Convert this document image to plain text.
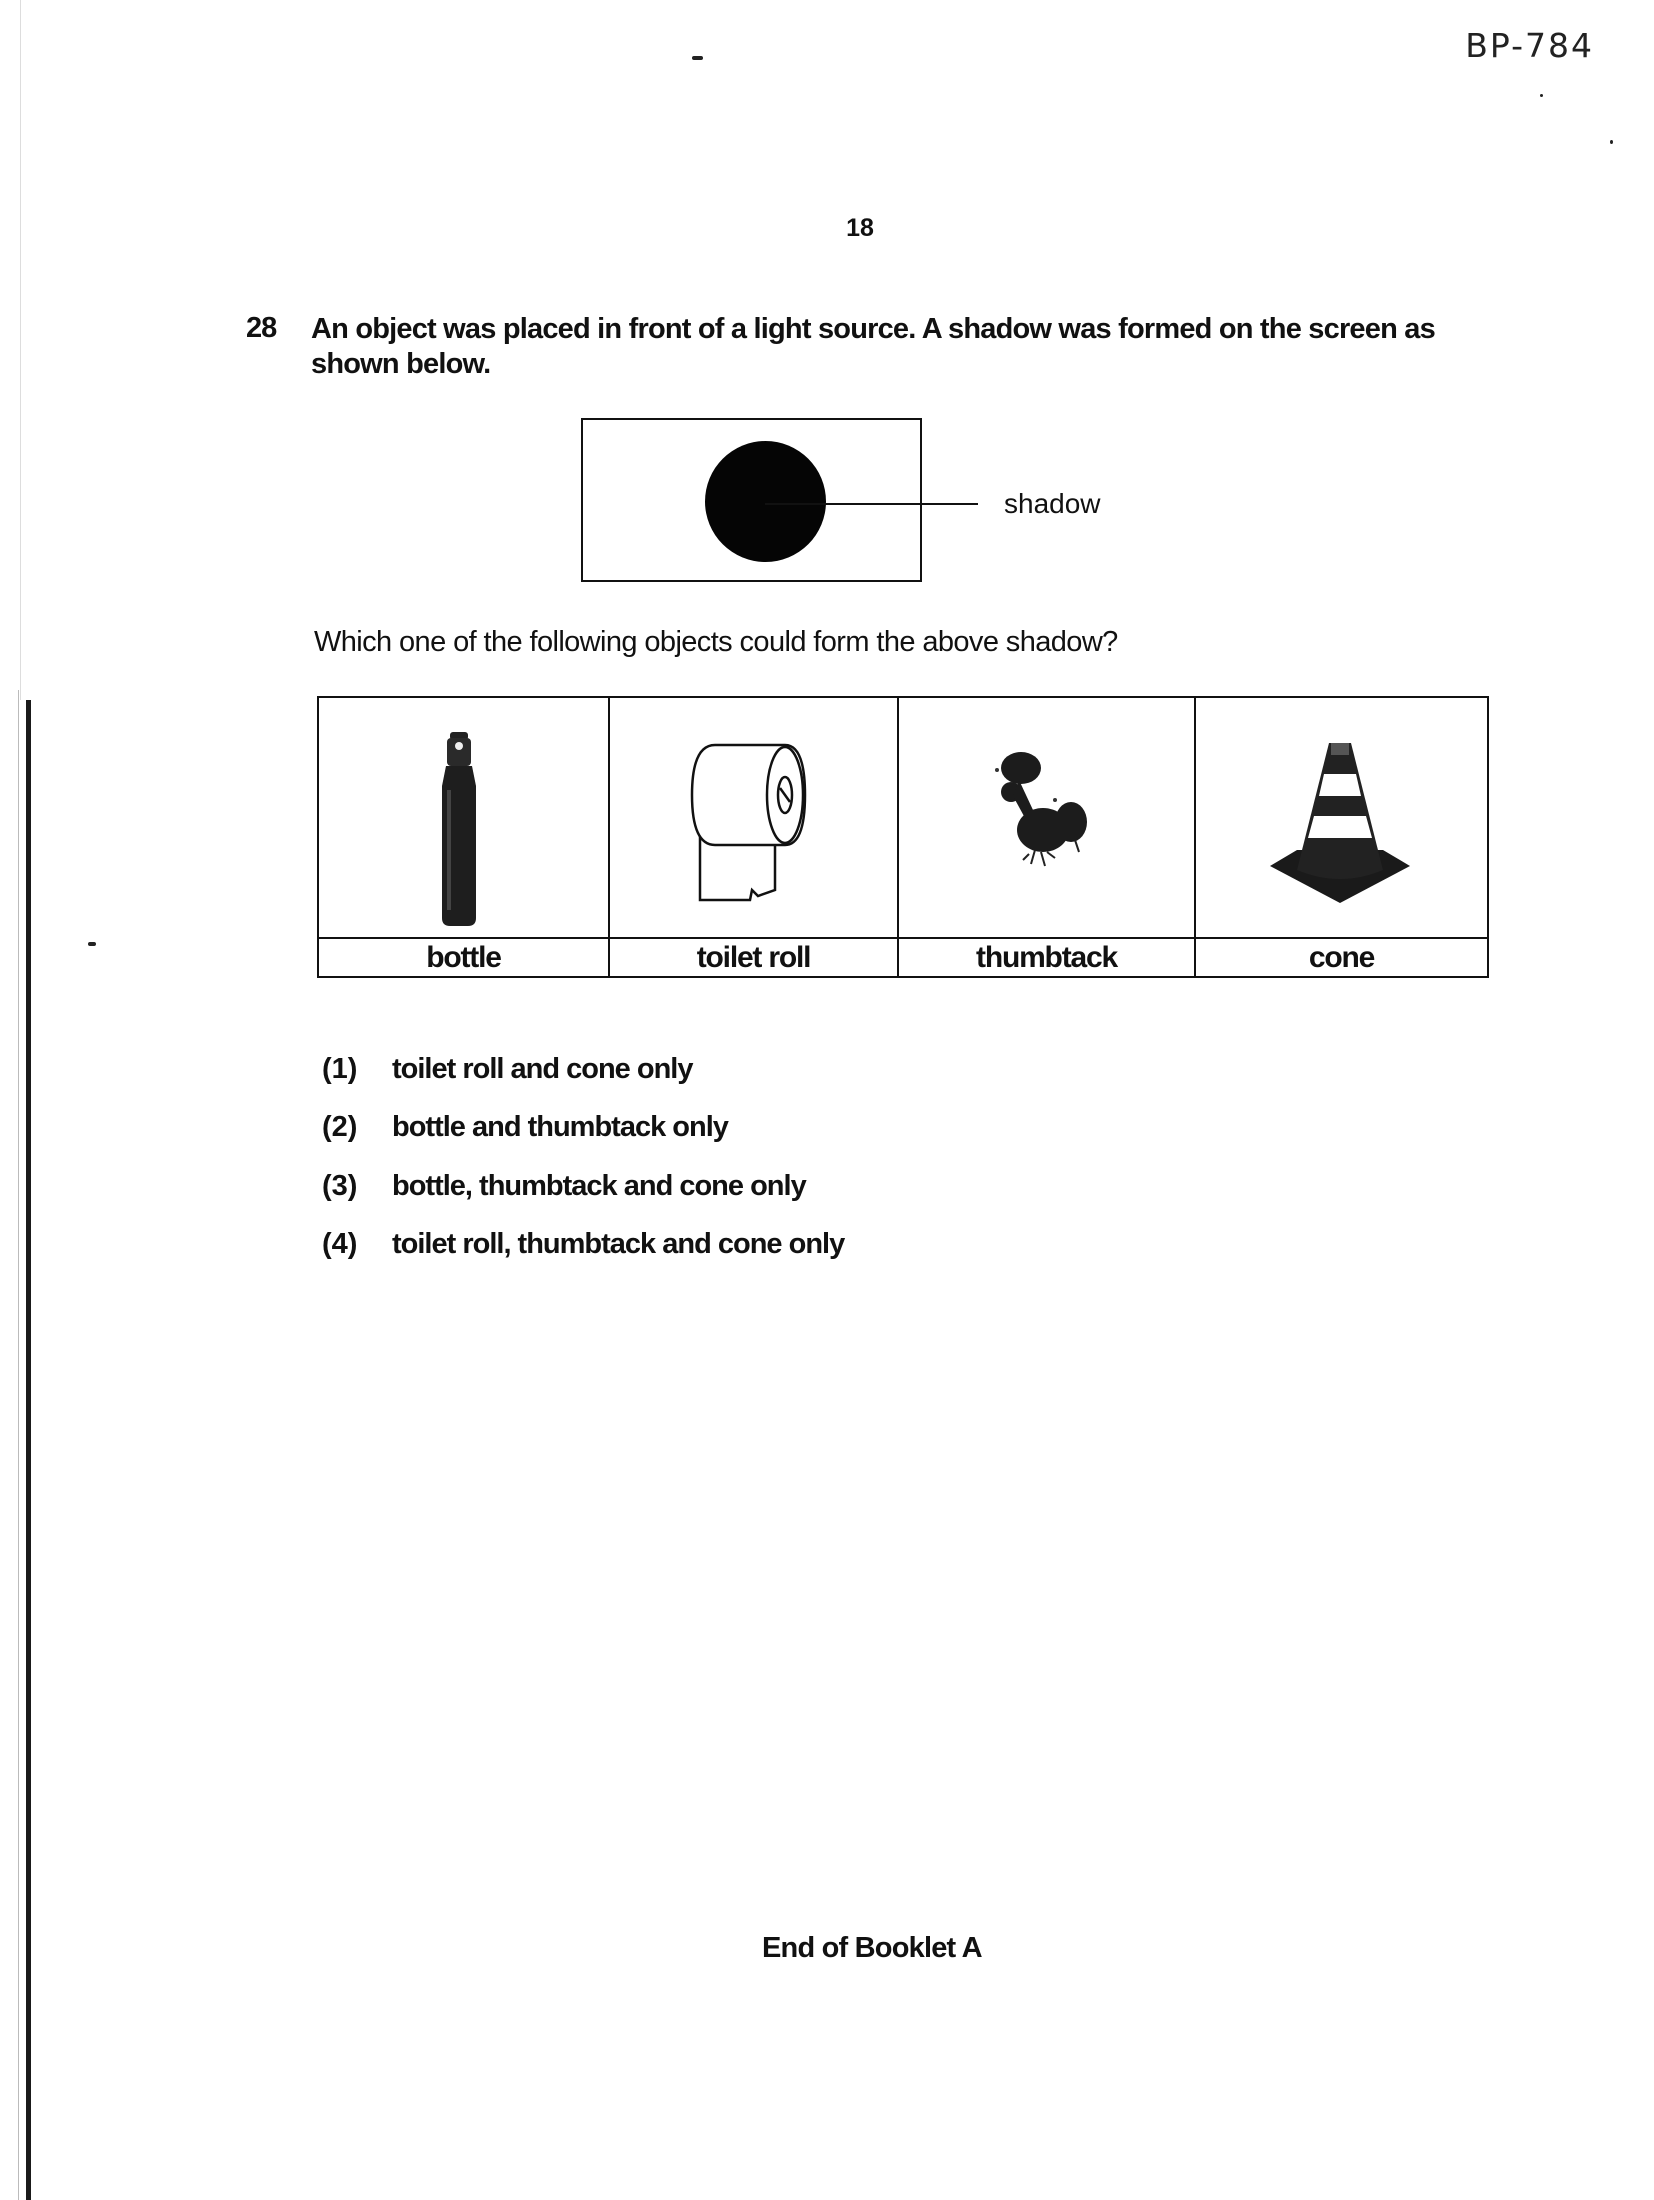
BP-784
18
28 An object was placed in front of a light source. A shadow was formed on the screen as shown below.
shadow
Which one of the following objects could form the above shadow?
bottle	toilet roll	thumbtack	cone
(1) toilet roll and cone only
(2) bottle and thumbtack only
(3) bottle, thumbtack and cone only
(4) toilet roll, thumbtack and cone only
End of Booklet A
